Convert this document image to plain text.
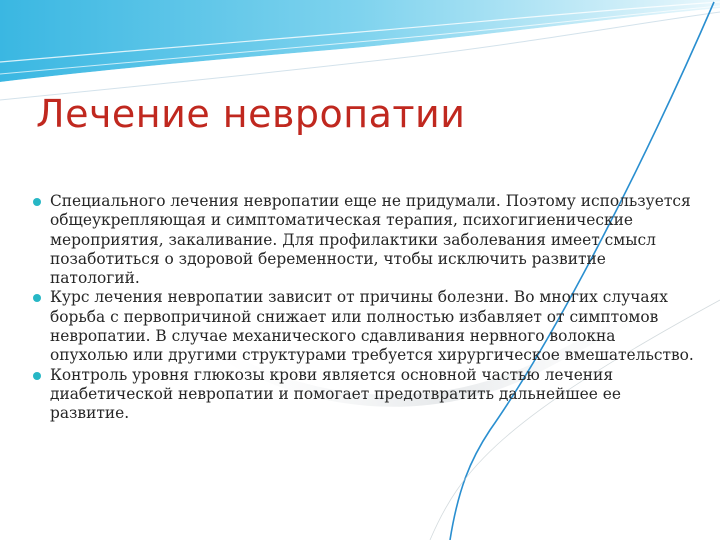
Лечение невропатии
Специального лечения невропатии еще не придумали. Поэтому используется общеукрепляющая и симптоматическая терапия, психогигиенические мероприятия, закаливание. Для профилактики заболевания имеет смысл позаботиться о здоровой беременности, чтобы исключить развитие патологий.
Курс лечения невропатии зависит от причины болезни. Во многих случаях борьба с первопричиной снижает или полностью избавляет от симптомов невропатии. В случае механического сдавливания нервного волокна опухолью или другими структурами требуется хирургическое вмешательство.
Контроль уровня глюкозы крови является основной частью лечения диабетической невропатии и помогает предотвратить дальнейшее ее развитие.
